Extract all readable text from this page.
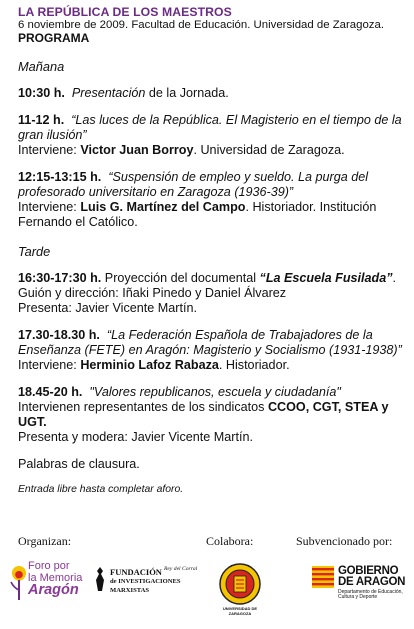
LA REPÚBLICA DE LOS MAESTROS
6 noviembre de 2009. Facultad de Educación. Universidad de Zaragoza.
PROGRAMA
Mañana

10:30 h. Presentación de la Jornada.

11-12 h. “Las luces de la República. El Magisterio en el tiempo de la gran ilusión”

Interviene: Victor Juan Borroy. Universidad de Zaragoza.

12:15-13:15 h. “Suspensión de empleo y sueldo. La purga del profesorado universitario en Zaragoza (1936-39)”

Interviene: Luis G. Martínez del Campo. Historiador. Institución Fernando el Católico.

Tarde

16:30-17:30 h. Proyección del documental “La Escuela Fusilada”.

Guión y dirección: Iñaki Pinedo y Daniel Álvarez

Presenta: Javier Vicente Martín.

17.30-18.30 h. “La Federación Española de Trabajadores de la Enseñanza (FETE) en Aragón: Magisterio y Socialismo (1931-1938)”

Interviene: Herminio Lafoz Rabaza. Historiador.

18.45-20 h. "Valores republicanos, escuela y ciudadanía"

Intervienen representantes de los sindicatos CCOO, CGT, STEA y UGT.

Presenta y modera: Javier Vicente Martín.

Palabras de clausura.
Entrada libre hasta completar aforo.
Organizan:	Colabora:	Subvencionado por:
Foro por
la Memoria
Aragón
Rey del Corral
FUNDACIÓN
de INVESTIGACIONES MARXISTAS
UNIVERSIDAD DE ZARAGOZA
GOBIERNO
DE ARAGON
Departamento de Educación,
Cultura y Deporte
